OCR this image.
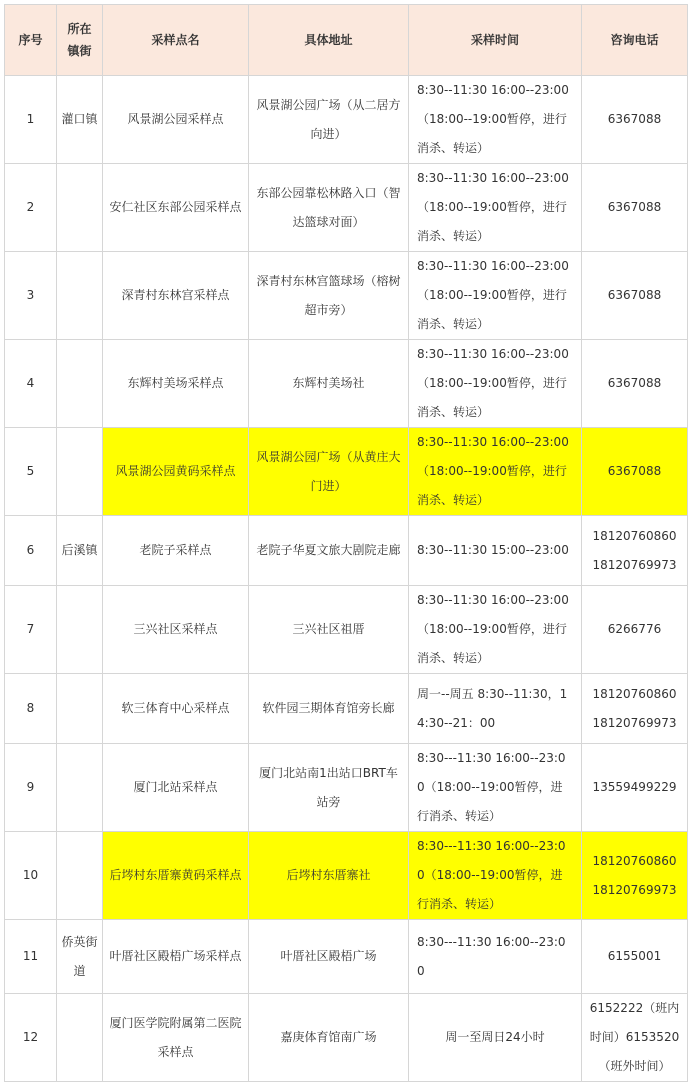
序号	所在镇街	采样点名	具体地址	采样时间	咨询电话
1	灌口镇	风景湖公园采样点	风景湖公园广场（从二居方向进）	8:30--11:30 16:00--23:00（18:00--19:00暂停，进行消杀、转运）	6367088
2		安仁社区东部公园采样点	东部公园靠松林路入口（智达篮球对面）	8:30--11:30 16:00--23:00（18:00--19:00暂停，进行消杀、转运）	6367088
3		深青村东林宫采样点	深青村东林宫篮球场（榕树超市旁）	8:30--11:30 16:00--23:00（18:00--19:00暂停，进行消杀、转运）	6367088
4		东辉村美场采样点	东辉村美场社	8:30--11:30 16:00--23:00（18:00--19:00暂停，进行消杀、转运）	6367088
5		风景湖公园黄码采样点	风景湖公园广场（从黄庄大门进）	8:30--11:30 16:00--23:00（18:00--19:00暂停，进行消杀、转运）	6367088
6	后溪镇	老院子采样点	老院子华夏文旅大剧院走廊	8:30--11:30 15:00--23:00	18120760860 18120769973
7		三兴社区采样点	三兴社区祖厝	8:30--11:30 16:00--23:00（18:00--19:00暂停，进行消杀、转运）	6266776
8		软三体育中心采样点	软件园三期体育馆旁长廊	周一--周五 8:30--11:30，14:30--21：00	18120760860 18120769973
9		厦门北站采样点	厦门北站南1出站口BRT车站旁	8:30---11:30 16:00--23:00（18:00--19:00暂停，进行消杀、转运）	13559499229
10		后埁村东厝寨黄码采样点	后埁村东厝寨社	8:30---11:30 16:00--23:00（18:00--19:00暂停，进行消杀、转运）	18120760860 18120769973
11	侨英街道	叶厝社区殿梧广场采样点	叶厝社区殿梧广场	8:30---11:30 16:00--23:00	6155001
12		厦门医学院附属第二医院采样点	嘉庚体育馆南广场	周一至周日24小时	6152222（班内时间）6153520（班外时间）
